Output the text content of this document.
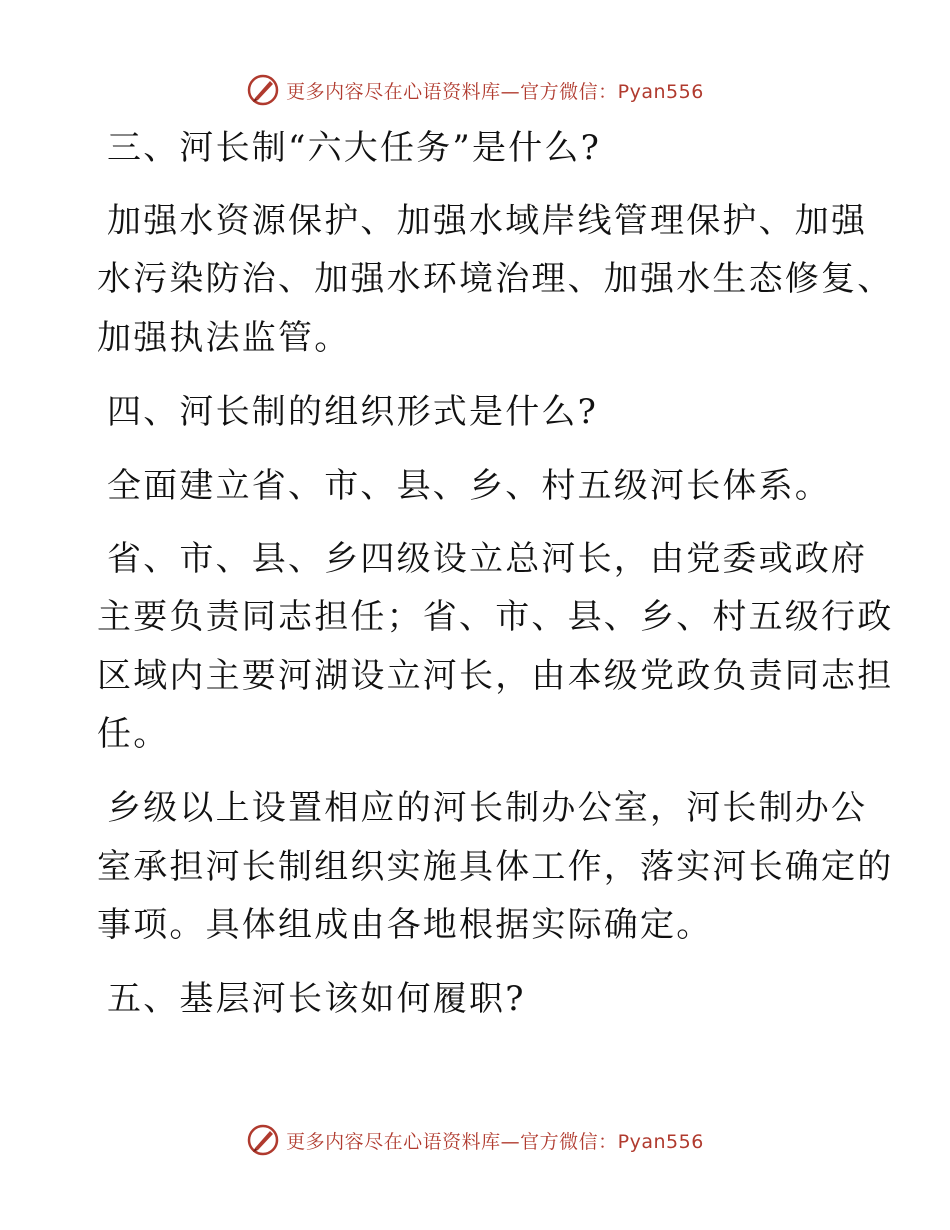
更多内容尽在心语资料库—官方微信：Pyan556
三、河长制“六大任务”是什么?
加强水资源保护、加强水域岸线管理保护、加强
水污染防治、加强水环境治理、加强水生态修复、
加强执法监管。
四、河长制的组织形式是什么?
全面建立省、市、县、乡、村五级河长体系。
省、市、县、乡四级设立总河长，由党委或政府
主要负责同志担任；省、市、县、乡、村五级行政
区域内主要河湖设立河长，由本级党政负责同志担
任。
乡级以上设置相应的河长制办公室，河长制办公
室承担河长制组织实施具体工作，落实河长确定的
事项。具体组成由各地根据实际确定。
五、基层河长该如何履职?
更多内容尽在心语资料库—官方微信：Pyan556
